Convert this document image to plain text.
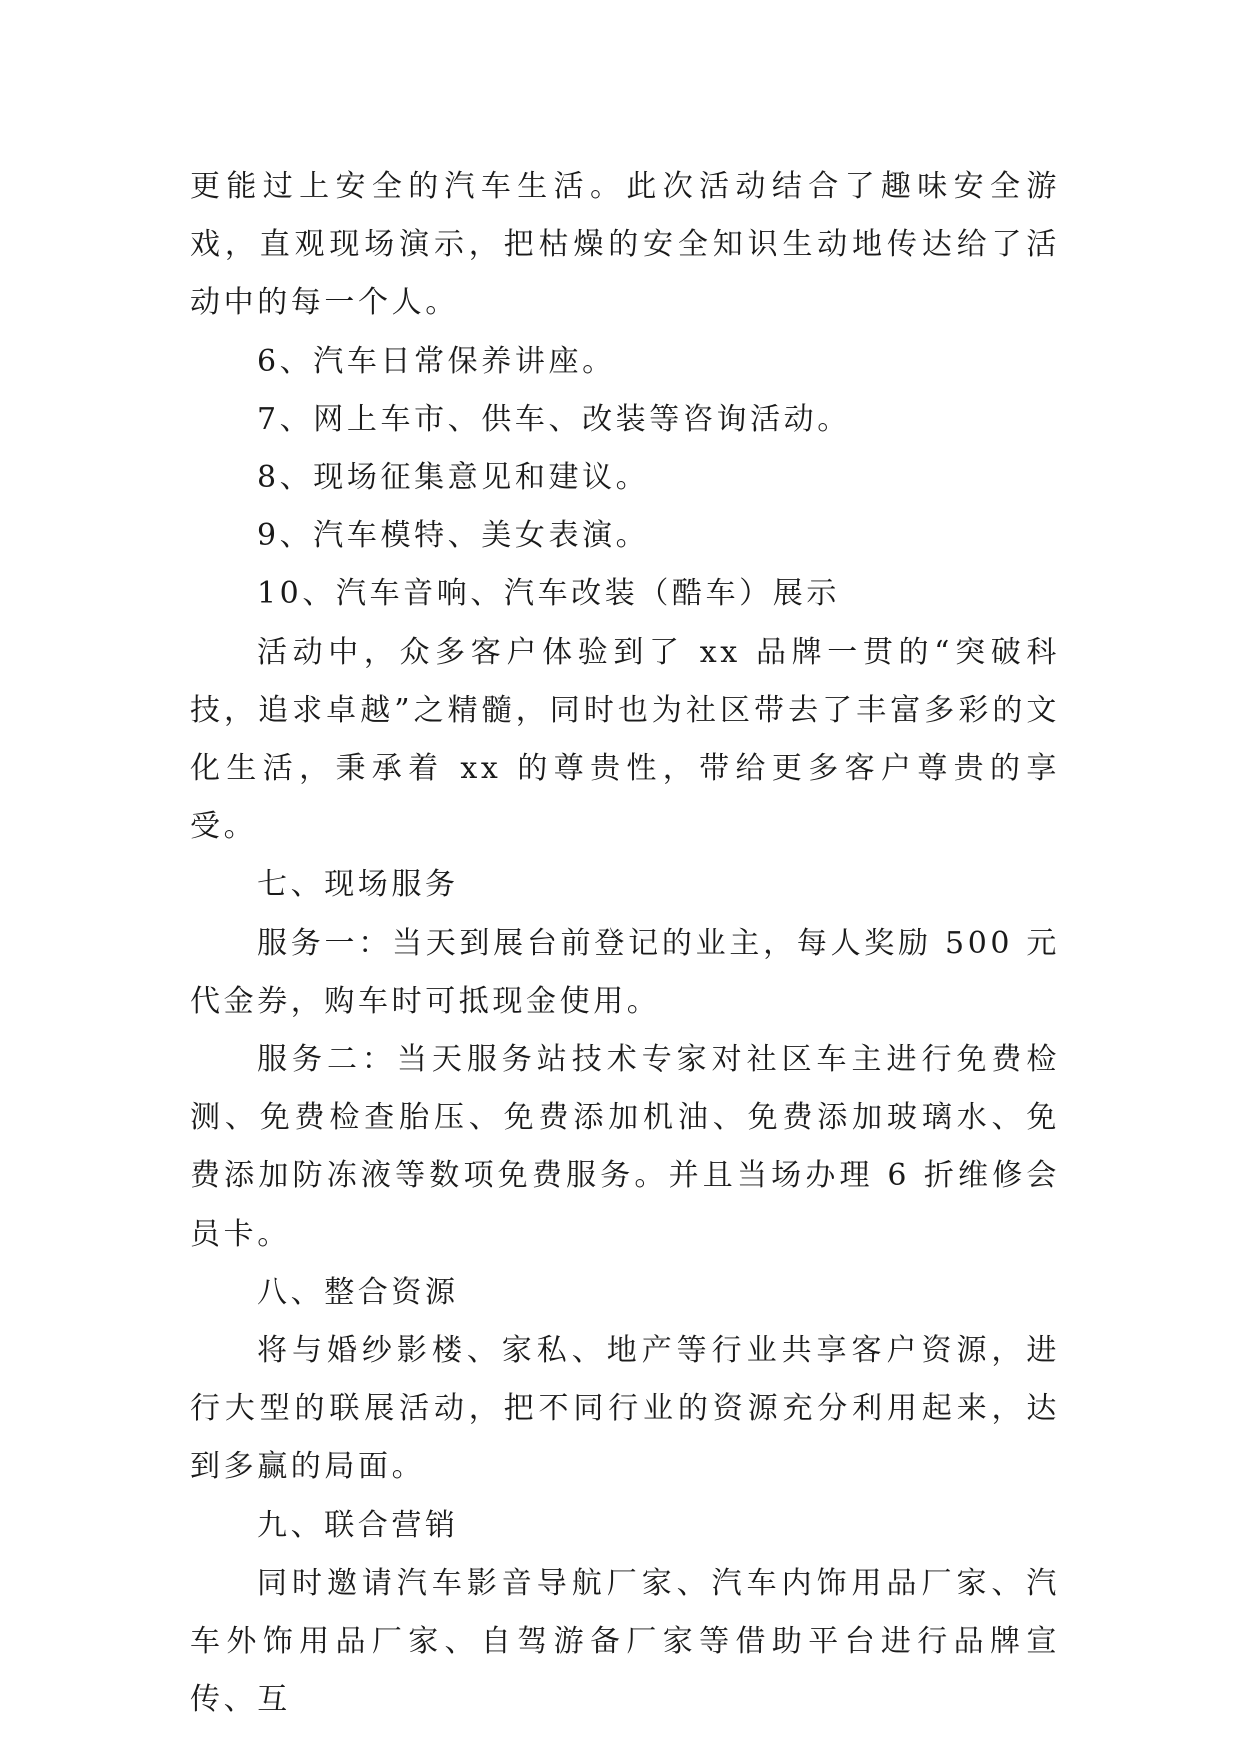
更能过上安全的汽车生活。此次活动结合了趣味安全游戏，直观现场演示，把枯燥的安全知识生动地传达给了活动中的每一个人。

6、汽车日常保养讲座。

7、网上车市、供车、改装等咨询活动。

8、现场征集意见和建议。

9、汽车模特、美女表演。

10、汽车音响、汽车改装（酷车）展示

活动中，众多客户体验到了 xx 品牌一贯的“突破科技，追求卓越”之精髓，同时也为社区带去了丰富多彩的文化生活，秉承着 xx 的尊贵性，带给更多客户尊贵的享受。

七、现场服务

服务一：当天到展台前登记的业主，每人奖励 500 元代金券，购车时可抵现金使用。

服务二：当天服务站技术专家对社区车主进行免费检测、免费检查胎压、免费添加机油、免费添加玻璃水、免费添加防冻液等数项免费服务。并且当场办理 6 折维修会员卡。

八、整合资源

将与婚纱影楼、家私、地产等行业共享客户资源，进行大型的联展活动，把不同行业的资源充分利用起来，达到多赢的局面。

九、联合营销

同时邀请汽车影音导航厂家、汽车内饰用品厂家、汽车外饰用品厂家、自驾游备厂家等借助平台进行品牌宣传、互
